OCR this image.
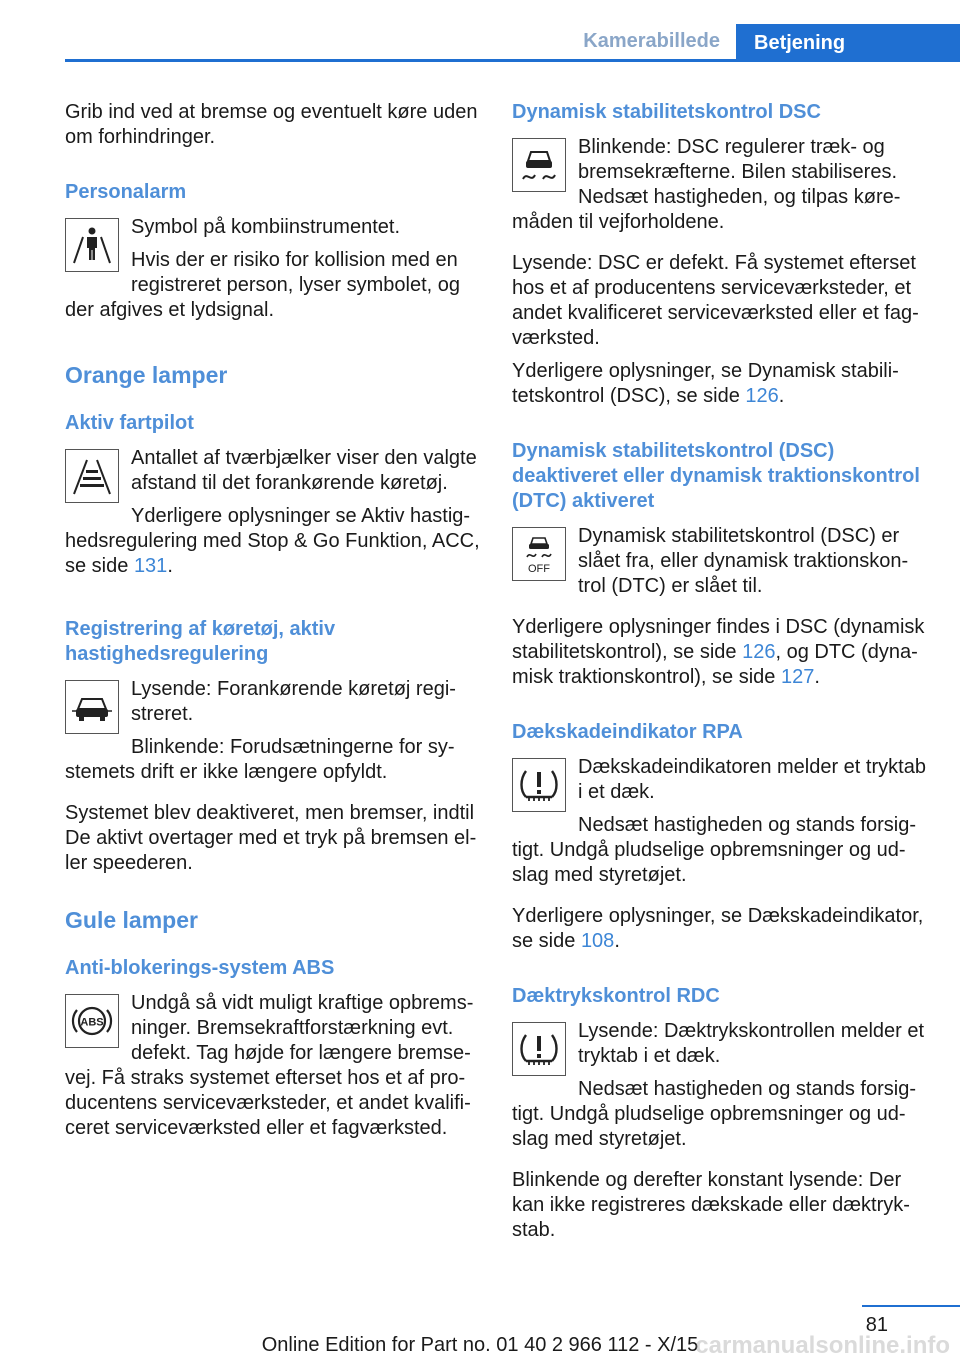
Kamerabillede	Betjening

Grib ind ved at bremse og eventuelt køre uden om forhindringer.

Personalarm

Symbol på kombiinstrumentet.

Hvis der er risiko for kollision med en registreret person, lyser symbolet, og der afgives et lydsignal.

Orange lamper
Aktiv fartpilot

Antallet af tværbjælker viser den valgte afstand til det forankørende køretøj.

Yderligere oplysninger se Aktiv hastig-hedsregulering med Stop & Go Funktion, ACC, se side 131.

Registrering af køretøj, aktiv hastighedsregulering

Lysende: Forankørende køretøj regi-streret.

Blinkende: Forudsætningerne for sy-stemets drift er ikke længere opfyldt.

Systemet blev deaktiveret, men bremser, indtil De aktivt overtager med et tryk på bremsen el-ler speederen.

Gule lamper
Anti-blokerings-system ABS
ABS

Undgå så vidt muligt kraftige opbrems-ninger. Bremsekraftforstærkning evt. defekt. Tag højde for længere bremse-vej. Få straks systemet efterset hos et af pro-ducentens serviceværksteder, et andet kvalifi-ceret serviceværksted eller et fagværksted.

Dynamisk stabilitetskontrol DSC

Blinkende: DSC regulerer træk- og bremsekræfterne. Bilen stabiliseres. Nedsæt hastigheden, og tilpas køre-måden til vejforholdene.

Lysende: DSC er defekt. Få systemet efterset hos et af producentens serviceværksteder, et andet kvalificeret serviceværksted eller et fag-værksted.

Yderligere oplysninger, se Dynamisk stabili-tetskontrol (DSC), se side 126.

Dynamisk stabilitetskontrol (DSC) deaktiveret eller dynamisk traktionskontrol (DTC) aktiveret
OFF

Dynamisk stabilitetskontrol (DSC) er slået fra, eller dynamisk traktionskon-trol (DTC) er slået til.

Yderligere oplysninger findes i DSC (dynamisk stabilitetskontrol), se side 126, og DTC (dyna-misk traktionskontrol), se side 127.

Dækskadeindikator RPA

Dækskadeindikatoren melder et tryktab i et dæk.

Nedsæt hastigheden og stands forsig-tigt. Undgå pludselige opbremsninger og ud-slag med styretøjet.

Yderligere oplysninger, se Dækskadeindikator, se side 108.

Dæktrykskontrol RDC

Lysende: Dæktrykskontrollen melder et tryktab i et dæk.

Nedsæt hastigheden og stands forsig-tigt. Undgå pludselige opbremsninger og ud-slag med styretøjet.

Blinkende og derefter konstant lysende: Der kan ikke registreres dækskade eller dæktryk-stab.

81
Online Edition for Part no. 01 40 2 966 112 - X/15
carmanualsonline.info
